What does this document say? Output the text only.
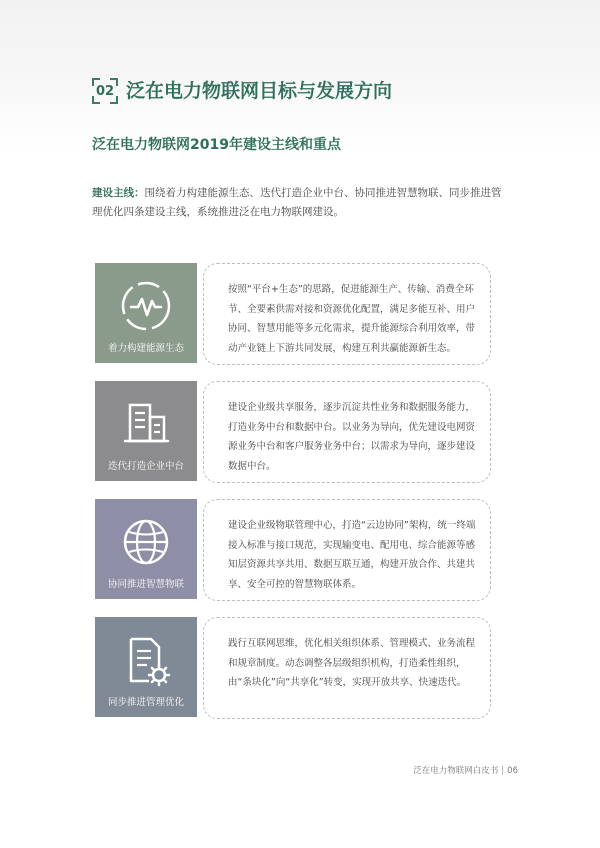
02 泛在电力物联网目标与发展方向
泛在电力物联网2019年建设主线和重点
建设主线：围绕着力构建能源生态、迭代打造企业中台、协同推进智慧物联、同步推进管理优化四条建设主线，系统推进泛在电力物联网建设。
着力构建能源生态
按照“平台+生态”的思路，促进能源生产、传输、消费全环节、全要素供需对接和资源优化配置，满足多能互补、用户协同、智慧用能等多元化需求，提升能源综合利用效率，带动产业链上下游共同发展，构建互利共赢能源新生态。
迭代打造企业中台
建设企业级共享服务，逐步沉淀共性业务和数据服务能力，打造业务中台和数据中台。以业务为导向，优先建设电网资源业务中台和客户服务业务中台；以需求为导向，逐步建设数据中台。
协同推进智慧物联
建设企业级物联管理中心，打造“云边协同”架构，统一终端接入标准与接口规范，实现输变电、配用电、综合能源等感知层资源共享共用、数据互联互通，构建开放合作、共建共享、安全可控的智慧物联体系。
同步推进管理优化
践行互联网思维，优化相关组织体系、管理模式、业务流程和规章制度。动态调整各层级组织机构，打造柔性组织，由“条块化”向“共享化”转变，实现开放共享、快速迭代。
泛在电力物联网白皮书 | 06
